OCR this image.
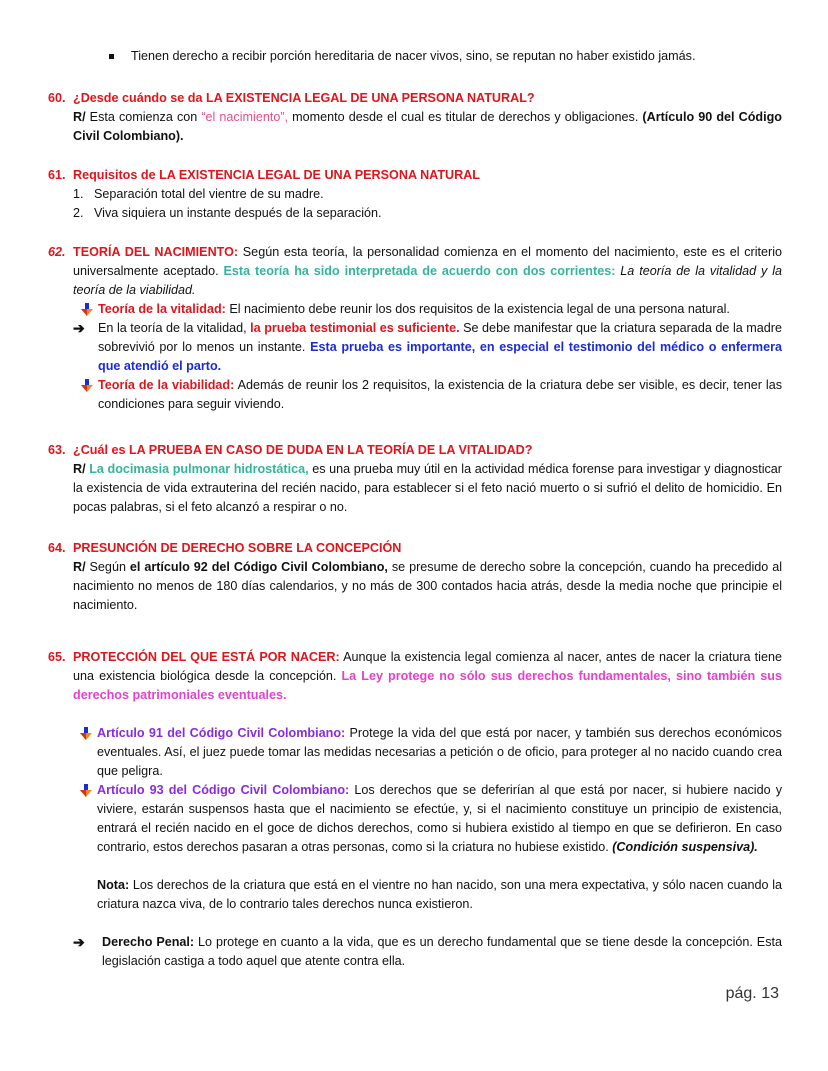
Tienen derecho a recibir porción hereditaria de nacer vivos, sino, se reputan no haber existido jamás.
60. ¿Desde cuándo se da LA EXISTENCIA LEGAL DE UNA PERSONA NATURAL?
R/ Esta comienza con “el nacimiento”, momento desde el cual es titular de derechos y obligaciones. (Artículo 90 del Código Civil Colombiano).
61. Requisitos de LA EXISTENCIA LEGAL DE UNA PERSONA NATURAL
1.   Separación total del vientre de su madre.
2.   Viva siquiera un instante después de la separación.
62. TEORÍA DEL NACIMIENTO: Según esta teoría, la personalidad comienza en el momento del nacimiento, este es el criterio universalmente aceptado. Esta teoría ha sido interpretada de acuerdo con dos corrientes: La teoría de la vitalidad y la teoría de la viabilidad.
Teoría de la vitalidad: El nacimiento debe reunir los dos requisitos de la existencia legal de una persona natural.
➔	En la teoría de la vitalidad, la prueba testimonial es suficiente. Se debe manifestar que la criatura separada de la madre sobrevivió por lo menos un instante. Esta prueba es importante, en especial el testimonio del médico o enfermera que atendió el parto.
Teoría de la viabilidad: Además de reunir los 2 requisitos, la existencia de la criatura debe ser visible, es decir, tener las condiciones para seguir viviendo.
63. ¿Cuál es LA PRUEBA EN CASO DE DUDA EN LA TEORÍA DE LA VITALIDAD?
R/ La docimasia pulmonar hidrostática, es una prueba muy útil en la actividad médica forense para investigar y diagnosticar la existencia de vida extrauterina del recién nacido, para establecer si el feto nació muerto o si sufrió el delito de homicidio. En pocas palabras, si el feto alcanzó a respirar o no.
64. PRESUNCIÓN DE DERECHO SOBRE LA CONCEPCIÓN
R/ Según el artículo 92 del Código Civil Colombiano, se presume de derecho sobre la concepción, cuando ha precedido al nacimiento no menos de 180 días calendarios, y no más de 300 contados hacia atrás, desde la media noche que principie el nacimiento.
65. PROTECCIÓN DEL QUE ESTÁ POR NACER: Aunque la existencia legal comienza al nacer, antes de nacer la criatura tiene una existencia biológica desde la concepción. La Ley protege no sólo sus derechos fundamentales, sino también sus derechos patrimoniales eventuales.
Artículo 91 del Código Civil Colombiano: Protege la vida del que está por nacer, y también sus derechos económicos eventuales. Así, el juez puede tomar las medidas necesarias a petición o de oficio, para proteger al no nacido cuando crea que peligra.
Artículo 93 del Código Civil Colombiano: Los derechos que se deferirían al que está por nacer, si hubiere nacido y viviere, estarán suspensos hasta que el nacimiento se efectúe, y, si el nacimiento constituye un principio de existencia, entrará el recién nacido en el goce de dichos derechos, como si hubiera existido al tiempo en que se defirieron. En caso contrario, estos derechos pasaran a otras personas, como si la criatura no hubiese existido. (Condición suspensiva).
Nota: Los derechos de la criatura que está en el vientre no han nacido, son una mera expectativa, y sólo nacen cuando la criatura nazca viva, de lo contrario tales derechos nunca existieron.
➔	Derecho Penal: Lo protege en cuanto a la vida, que es un derecho fundamental que se tiene desde la concepción. Esta legislación castiga a todo aquel que atente contra ella.
pág. 13
